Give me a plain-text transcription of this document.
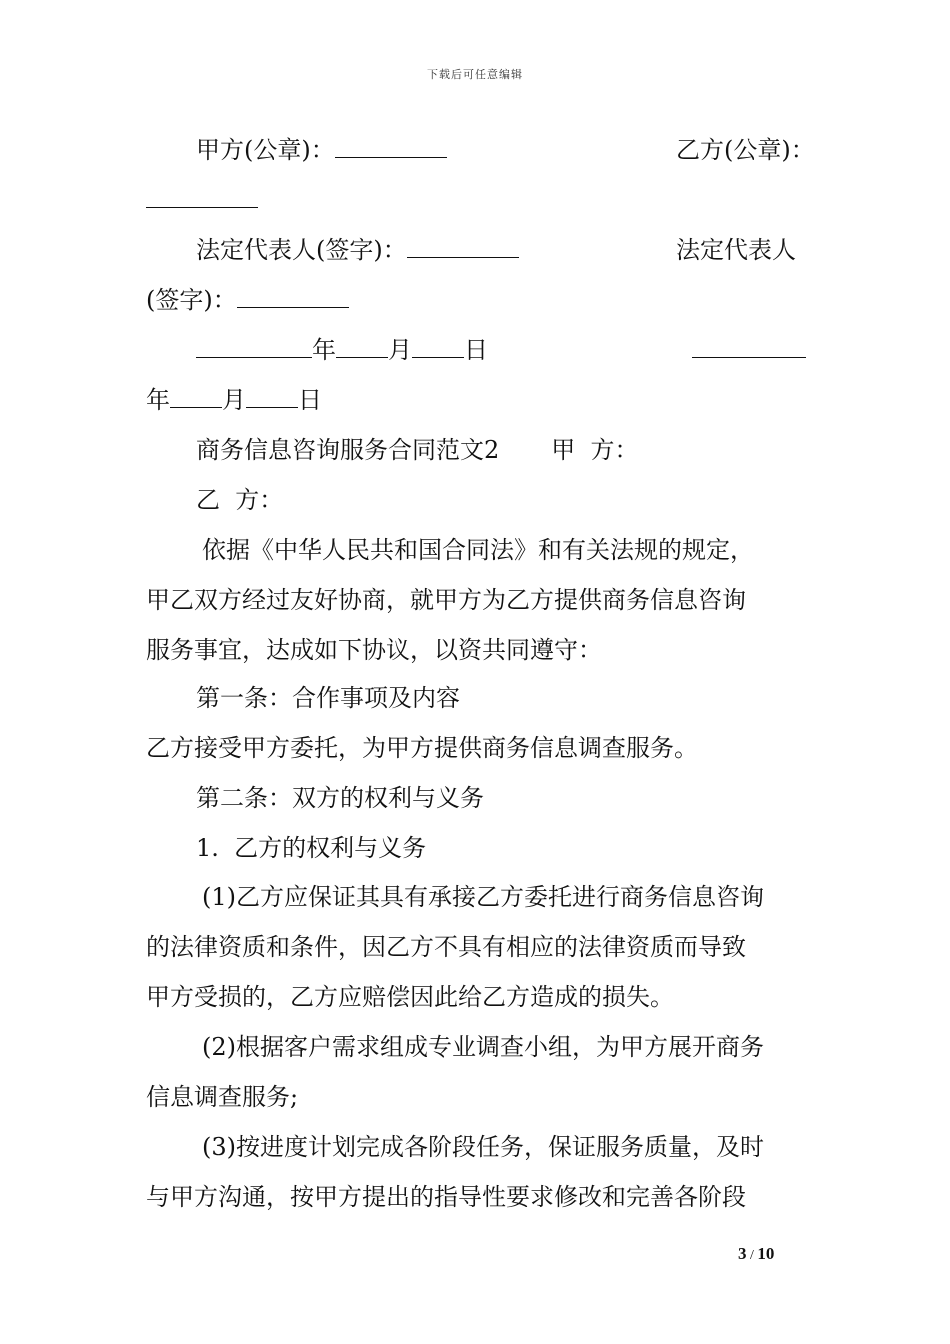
下载后可任意编辑
甲方(公章)：	乙方(公章)：
法定代表人(签字)：	法定代表人
(签字)：
年 月 日
年 月 日
商务信息咨询服务合同范文2 甲  方：
乙  方：
依据《中华人民共和国合同法》和有关法规的规定，
甲乙双方经过友好协商，就甲方为乙方提供商务信息咨询
服务事宜，达成如下协议，以资共同遵守：
第一条：合作事项及内容
乙方接受甲方委托，为甲方提供商务信息调查服务。
第二条：双方的权利与义务
1.  乙方的权利与义务
(1)乙方应保证其具有承接乙方委托进行商务信息咨询
的法律资质和条件，因乙方不具有相应的法律资质而导致
甲方受损的，乙方应赔偿因此给乙方造成的损失。
(2)根据客户需求组成专业调查小组，为甲方展开商务
信息调查服务;
(3)按进度计划完成各阶段任务，保证服务质量，及时
与甲方沟通，按甲方提出的指导性要求修改和完善各阶段
3 / 10
